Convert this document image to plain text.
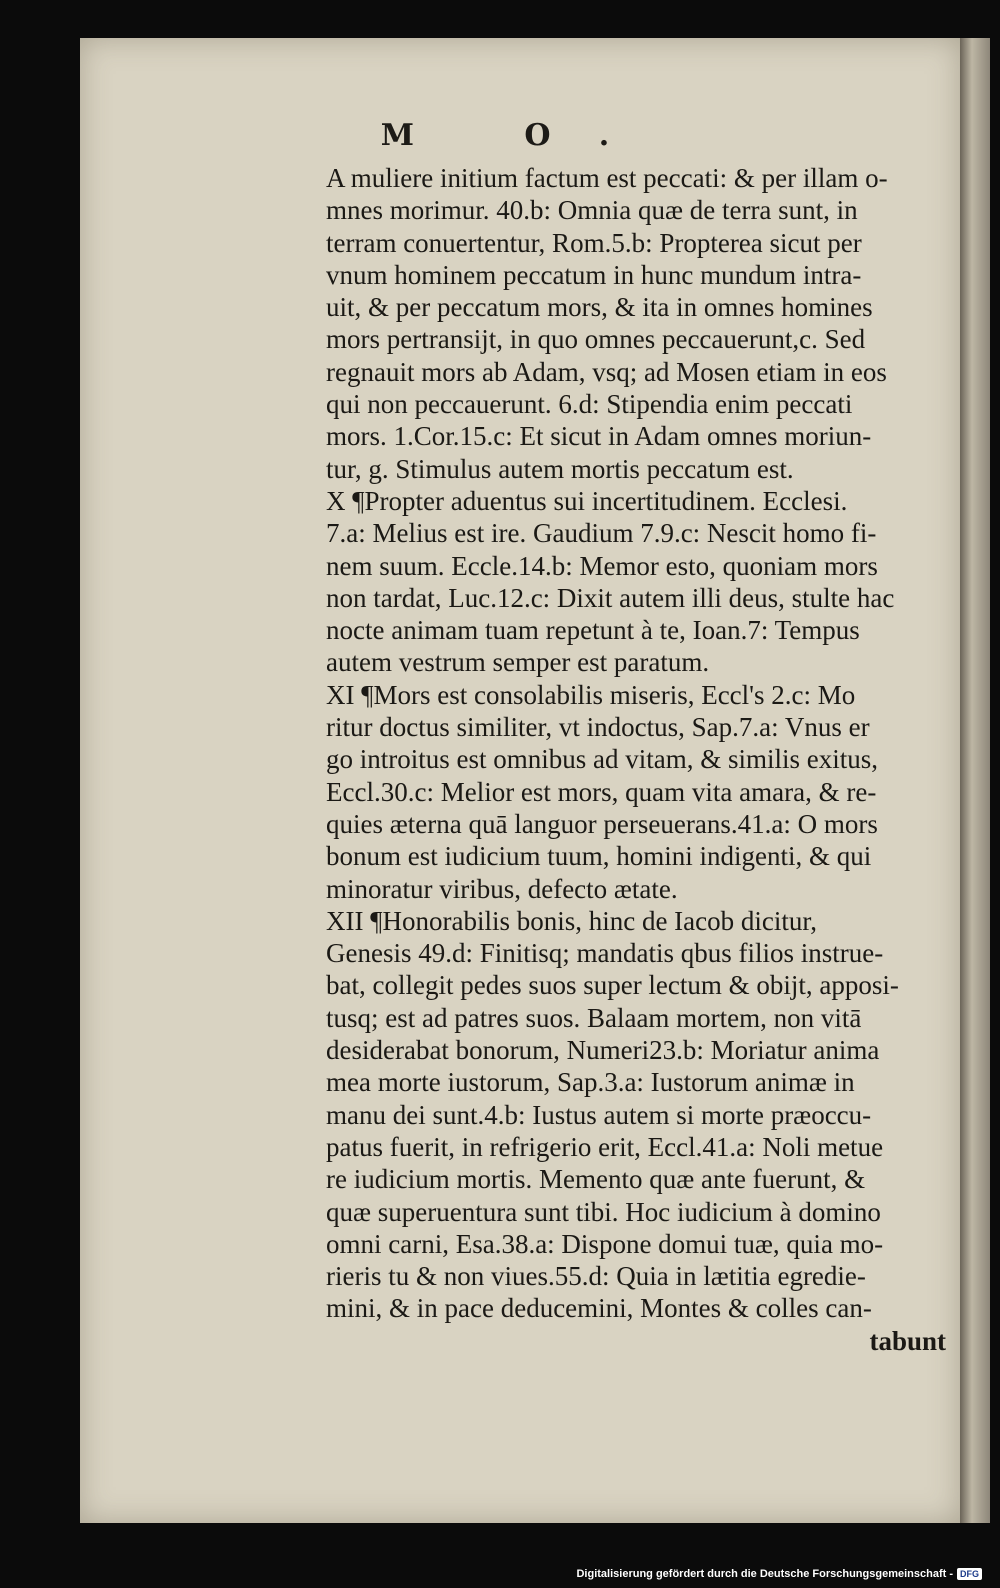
M O.
A muliere initium factum est peccati: & per illam o-
mnes morimur. 40.b: Omnia quæ de terra sunt, in
terram conuertentur, Rom.5.b: Propterea sicut per
vnum hominem peccatum in hunc mundum intra-
uit, & per peccatum mors, & ita in omnes homines
mors pertransijt, in quo omnes peccauerunt,c. Sed
regnauit mors ab Adam, vsq; ad Mosen etiam in eos
qui non peccauerunt. 6.d: Stipendia enim peccati
mors. 1.Cor.15.c: Et sicut in Adam omnes moriun-
tur, g. Stimulus autem mortis peccatum est.
X ¶Propter aduentus sui incertitudinem. Ecclesi.
7.a: Melius est ire. Gaudium 7.9.c: Nescit homo fi-
nem suum. Eccle.14.b: Memor esto, quoniam mors
non tardat, Luc.12.c: Dixit autem illi deus, stulte hac
nocte animam tuam repetunt à te, Ioan.7: Tempus
autem vestrum semper est paratum.
XI ¶Mors est consolabilis miseris, Eccl's 2.c: Mo
ritur doctus similiter, vt indoctus, Sap.7.a: Vnus er
go introitus est omnibus ad vitam, & similis exitus,
Eccl.30.c: Melior est mors, quam vita amara, & re-
quies æterna quā languor perseuerans.41.a: O mors
bonum est iudicium tuum, homini indigenti, & qui
minoratur viribus, defecto ætate.
XII ¶Honorabilis bonis, hinc de Iacob dicitur,
Genesis 49.d: Finitisq; mandatis qbus filios instrue-
bat, collegit pedes suos super lectum & obijt, apposi-
tusq; est ad patres suos. Balaam mortem, non vitā
desiderabat bonorum, Numeri23.b: Moriatur anima
mea morte iustorum, Sap.3.a: Iustorum animæ in
manu dei sunt.4.b: Iustus autem si morte præoccu-
patus fuerit, in refrigerio erit, Eccl.41.a: Noli metue
re iudicium mortis. Memento quæ ante fuerunt, &
quæ superuentura sunt tibi. Hoc iudicium à domino
omni carni, Esa.38.a: Dispone domui tuæ, quia mo-
rieris tu & non viues.55.d: Quia in lætitia egredie-
mini, & in pace deducemini, Montes & colles can-
tabunt
Digitalisierung gefördert durch die Deutsche Forschungsgemeinschaft - DFG
